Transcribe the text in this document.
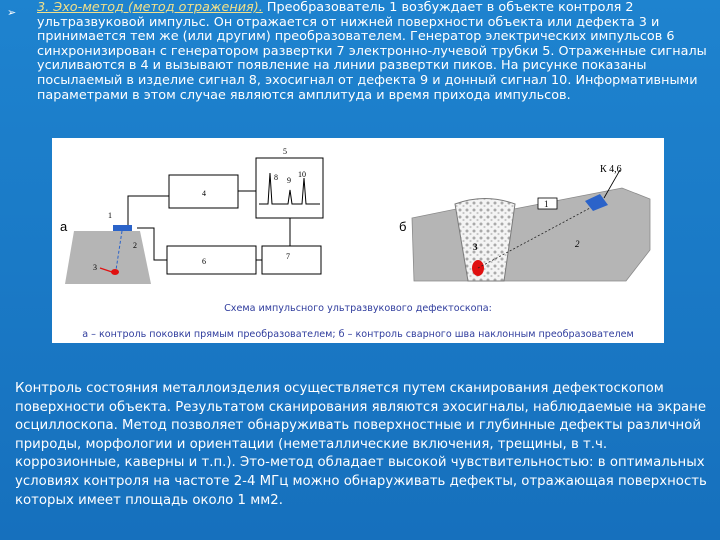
➢ 3. Эхо-метод (метод отражения). Преобразователь 1 возбуждает в объекте контроля 2 ультразвуковой импульс. Он отражается от нижней поверхности объекта или дефекта 3 и принимается тем же (или другим) преобразователем. Генератор электрических импульсов 6 синхронизирован с генератором развертки 7 электронно-лучевой трубки 5. Отраженные сигналы усиливаются в 4 и вызывают появление на линии развертки пиков. На рисунке показаны посылаемый в изделие сигнал 8, эхосигнал от дефекта 9 и донный сигнал 10. Информативными параметрами в этом случае являются амплитуда и время прихода импульсов.
а
1
2
3
4
5
6
7
8 9
10
б
К 4,6
1
2
3
Схема импульсного ультразвукового дефектоскопа:
а – контроль поковки прямым преобразователем; б – контроль сварного шва наклонным преобразователем
Контроль состояния металлоизделия осуществляется путем сканирования дефектоскопом поверхности объекта. Результатом сканирования являются эхосигналы, наблюдаемые на экране осциллоскопа. Метод позволяет обнаруживать поверхностные и глубинные дефекты различной природы, морфологии и ориентации (неметаллические включения, трещины, в т.ч. коррозионные, каверны и т.п.). Это-метод обладает высокой чувствительностью: в оптимальных условиях контроля на частоте 2-4 МГц можно обнаруживать дефекты, отражающая поверхность которых имеет площадь около 1 мм2.
